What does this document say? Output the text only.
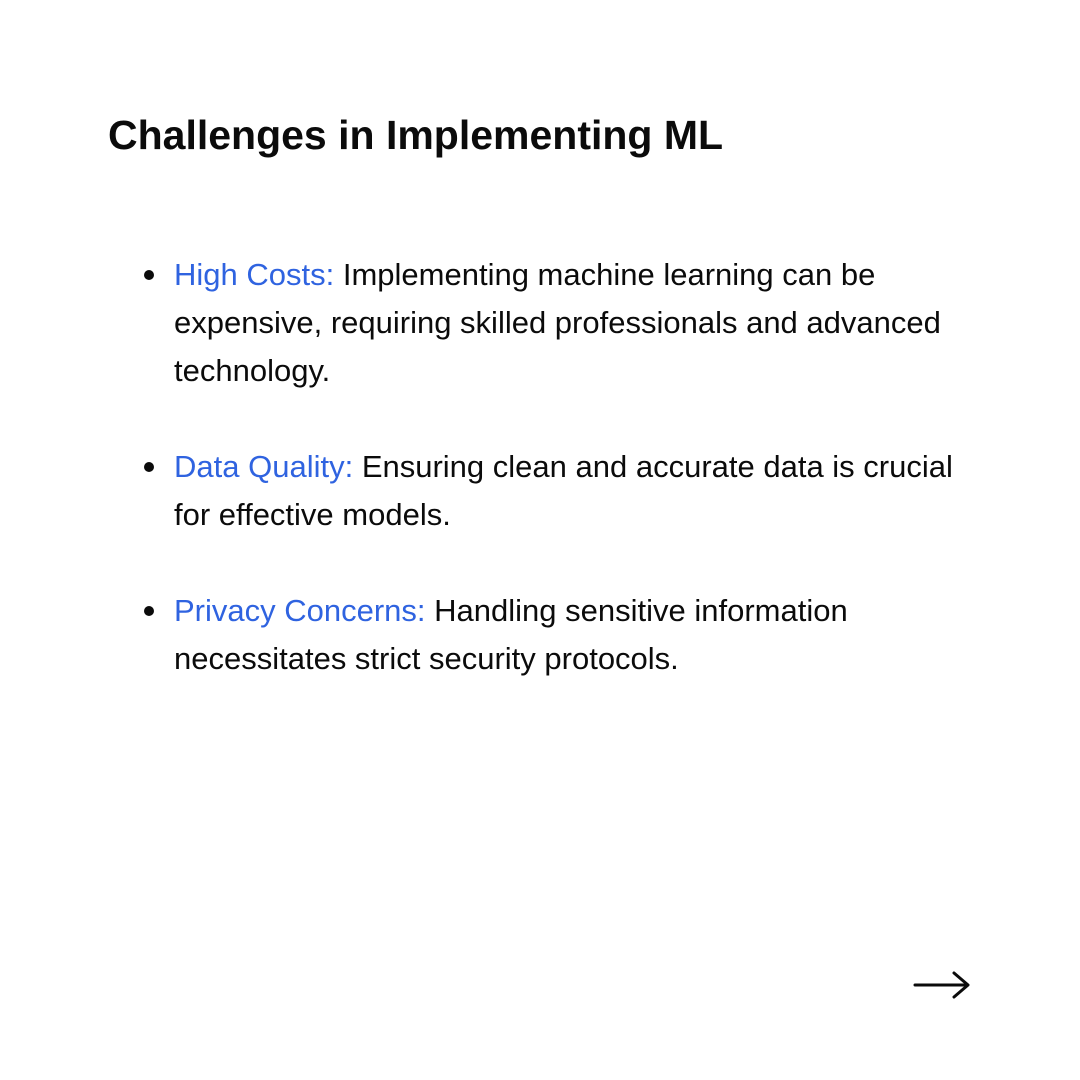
Challenges in Implementing ML
High Costs: Implementing machine learning can be expensive, requiring skilled professionals and advanced technology.
Data Quality: Ensuring clean and accurate data is crucial for effective models.
Privacy Concerns: Handling sensitive information necessitates strict security protocols.
